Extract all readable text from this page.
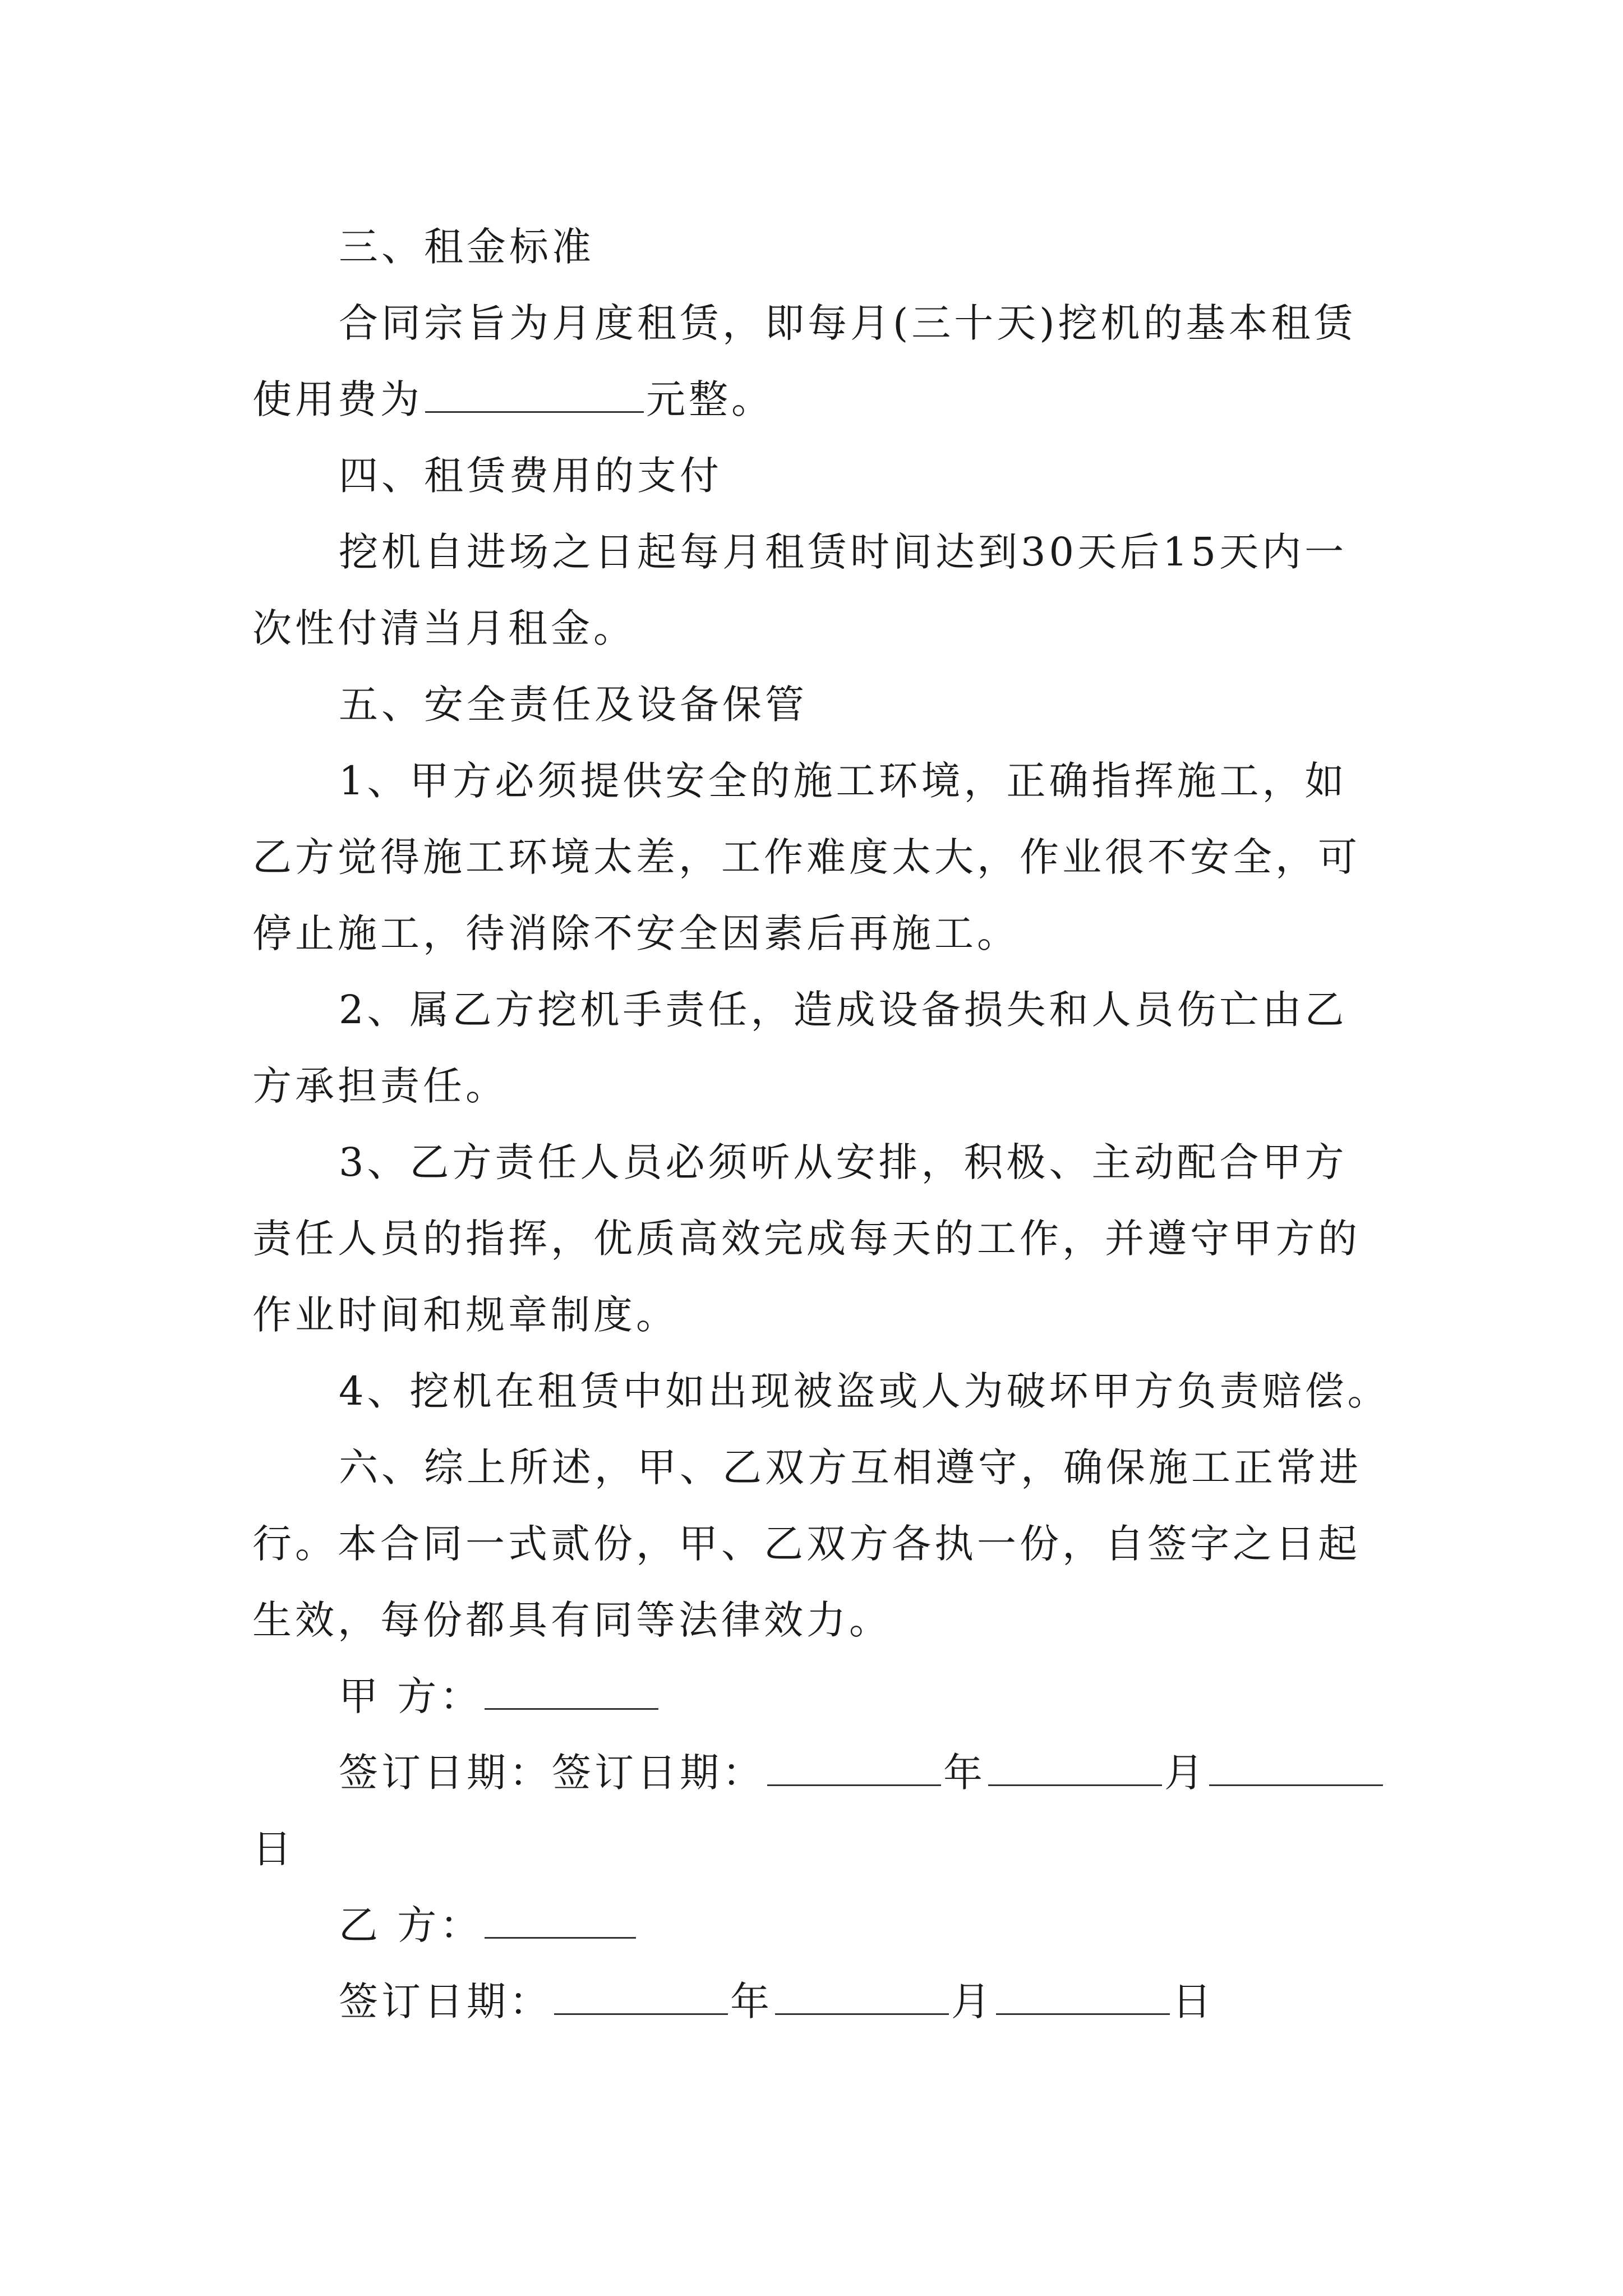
三、租金标准
合同宗旨为月度租赁，即每月(三十天)挖机的基本租赁
使用费为	元整。
四、租赁费用的支付
挖机自进场之日起每月租赁时间达到30天后15天内一
次性付清当月租金。
五、安全责任及设备保管
1、甲方必须提供安全的施工环境，正确指挥施工，如
乙方觉得施工环境太差，工作难度太大，作业很不安全，可
停止施工，待消除不安全因素后再施工。
2、属乙方挖机手责任，造成设备损失和人员伤亡由乙
方承担责任。
3、乙方责任人员必须听从安排，积极、主动配合甲方
责任人员的指挥，优质高效完成每天的工作，并遵守甲方的
作业时间和规章制度。
4、挖机在租赁中如出现被盗或人为破坏甲方负责赔偿。
六、综上所述，甲、乙双方互相遵守，确保施工正常进
行。本合同一式贰份，甲、乙双方各执一份，自签字之日起
生效，每份都具有同等法律效力。
甲 方：
签订日期：签订日期：	年	月
日
乙 方：
签订日期：	年	月	日
